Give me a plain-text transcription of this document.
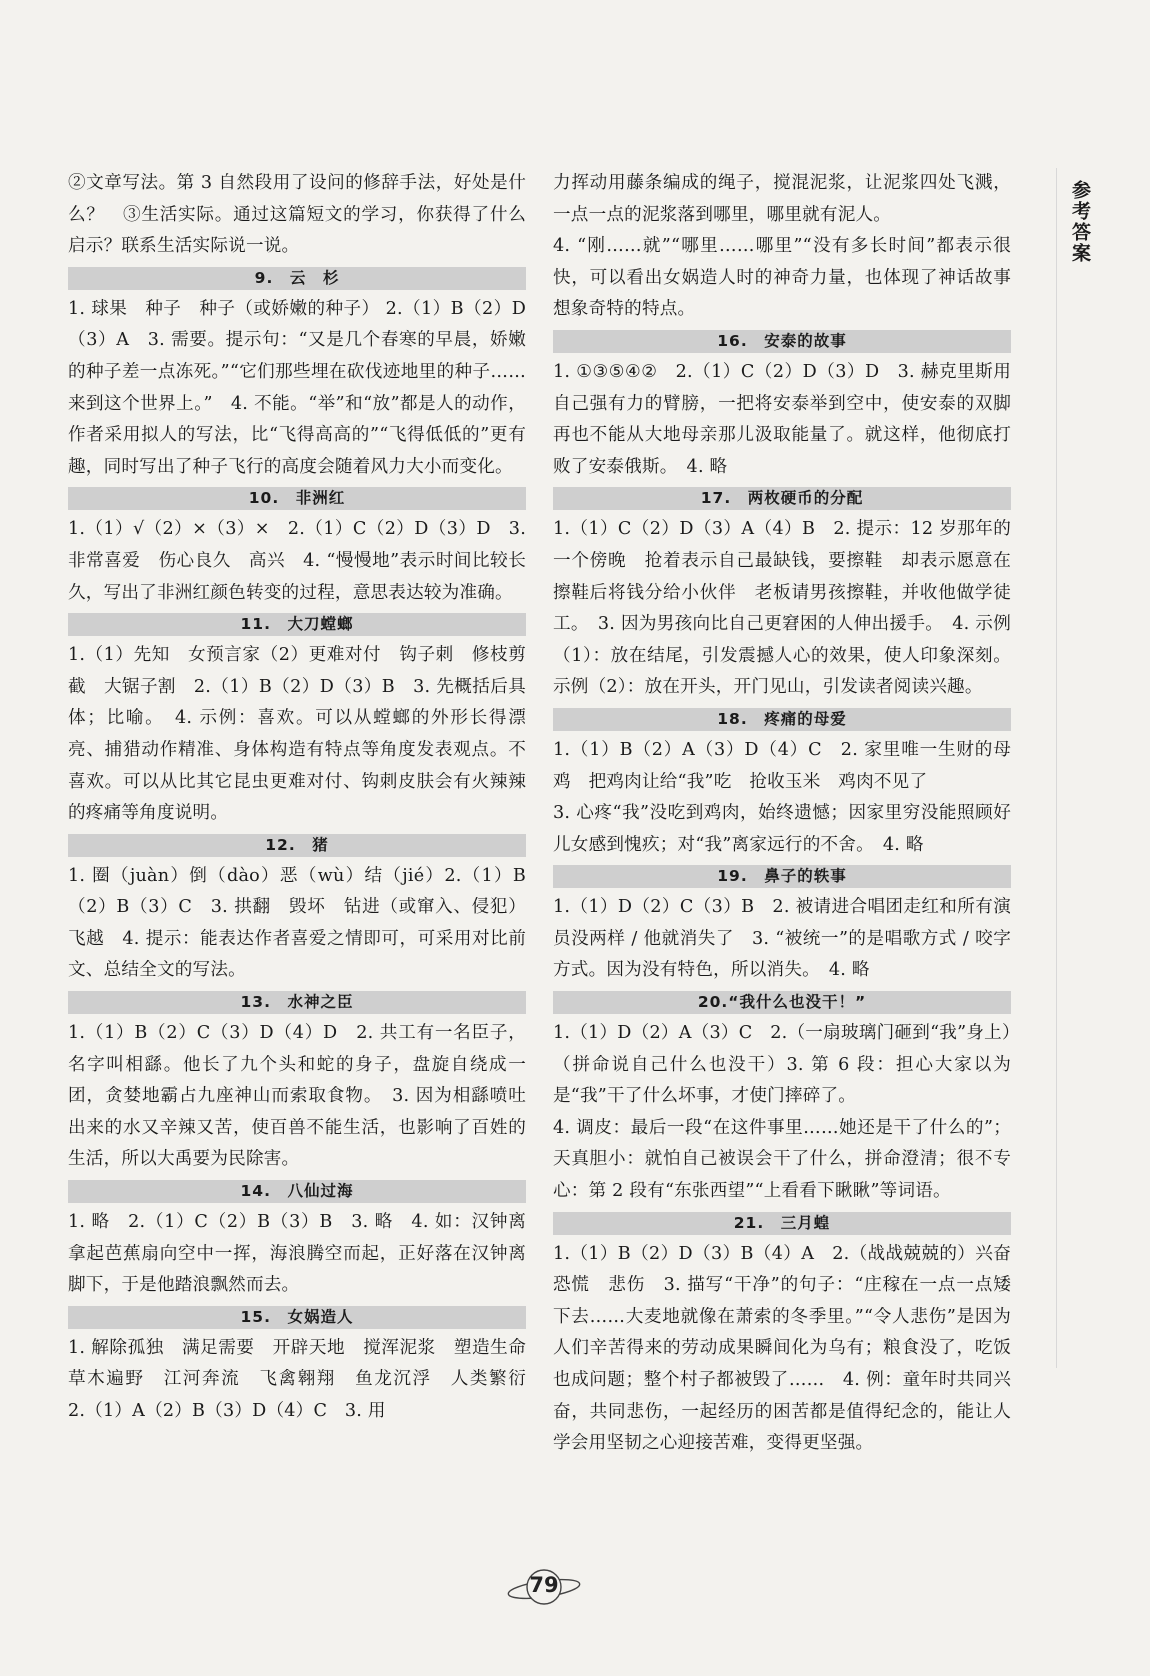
②文章写法。第 3 自然段用了设问的修辞手法，好处是什么？　③生活实际。通过这篇短文的学习，你获得了什么启示？联系生活实际说一说。

9.　云　杉

1. 球果　种子　种子（或娇嫩的种子） 2.（1）B（2）D（3）A　3. 需要。提示句：“又是几个春寒的早晨，娇嫩的种子差一点冻死。”“它们那些埋在砍伐迹地里的种子……来到这个世界上。”　4. 不能。“举”和“放”都是人的动作，作者采用拟人的写法，比“飞得高高的”“飞得低低的”更有趣，同时写出了种子飞行的高度会随着风力大小而变化。

10.　非洲红

1.（1）√（2）×（3）×　2.（1）C（2）D（3）D　3. 非常喜爱　伤心良久　高兴　4. “慢慢地”表示时间比较长久，写出了非洲红颜色转变的过程，意思表达较为准确。

11.　大刀螳螂

1.（1）先知　女预言家（2）更难对付　钩子刺　修枝剪截　大锯子割　2.（1）B（2）D（3）B　3. 先概括后具体；比喻。　4. 示例：喜欢。可以从螳螂的外形长得漂亮、捕猎动作精准、身体构造有特点等角度发表观点。不喜欢。可以从比其它昆虫更难对付、钩刺皮肤会有火辣辣的疼痛等角度说明。

12.　猪

1. 圈（juàn）倒（dào）恶（wù）结（jié）2.（1）B（2）B（3）C　3. 拱翻　毁坏　钻进（或窜入、侵犯）飞越　4. 提示：能表达作者喜爱之情即可，可采用对比前文、总结全文的写法。

13.　水神之臣

1.（1）B（2）C（3）D（4）D　2. 共工有一名臣子，名字叫相繇。他长了九个头和蛇的身子，盘旋自绕成一团，贪婪地霸占九座神山而索取食物。　3. 因为相繇喷吐出来的水又辛辣又苦，使百兽不能生活，也影响了百姓的生活，所以大禹要为民除害。

14.　八仙过海

1. 略　2.（1）C（2）B（3）B　3. 略　4. 如：汉钟离拿起芭蕉扇向空中一挥，海浪腾空而起，正好落在汉钟离脚下，于是他踏浪飘然而去。

15.　女娲造人

1. 解除孤独　满足需要　开辟天地　搅浑泥浆　塑造生命　草木遍野　江河奔流　飞禽翱翔　鱼龙沉浮　人类繁衍　2.（1）A（2）B（3）D（4）C　3. 用

力挥动用藤条编成的绳子，搅混泥浆，让泥浆四处飞溅，一点一点的泥浆落到哪里，哪里就有泥人。

4. “刚……就”“哪里……哪里”“没有多长时间”都表示很快，可以看出女娲造人时的神奇力量，也体现了神话故事想象奇特的特点。

16.　安泰的故事

1. ①③⑤④②　2.（1）C（2）D（3）D　3. 赫克里斯用自己强有力的臂膀，一把将安泰举到空中，使安泰的双脚再也不能从大地母亲那儿汲取能量了。就这样，他彻底打败了安泰俄斯。　4. 略

17.　两枚硬币的分配

1.（1）C（2）D（3）A（4）B　2. 提示：12 岁那年的一个傍晚　抢着表示自己最缺钱，要擦鞋　却表示愿意在擦鞋后将钱分给小伙伴　老板请男孩擦鞋，并收他做学徒工。　3. 因为男孩向比自己更窘困的人伸出援手。　4. 示例（1）：放在结尾，引发震撼人心的效果，使人印象深刻。示例（2）：放在开头，开门见山，引发读者阅读兴趣。

18.　疼痛的母爱

1.（1）B（2）A（3）D（4）C　2. 家里唯一生财的母鸡　把鸡肉让给“我”吃　抢收玉米　鸡肉不见了

3. 心疼“我”没吃到鸡肉，始终遗憾；因家里穷没能照顾好儿女感到愧疚；对“我”离家远行的不舍。　4. 略

19.　鼻子的轶事

1.（1）D（2）C（3）B　2. 被请进合唱团走红和所有演员没两样 / 他就消失了　3. “被统一”的是唱歌方式 / 咬字方式。因为没有特色，所以消失。　4. 略

20.“我什么也没干！”

1.（1）D（2）A（3）C　2.（一扇玻璃门砸到“我”身上）（拼命说自己什么也没干）3. 第 6 段：担心大家以为是“我”干了什么坏事，才使门摔碎了。

4. 调皮：最后一段“在这件事里……她还是干了什么的”；天真胆小：就怕自己被误会干了什么，拼命澄清；很不专心：第 2 段有“东张西望”“上看看下瞅瞅”等词语。

21.　三月蝗

1.（1）B（2）D（3）B（4）A　2.（战战兢兢的）兴奋　恐慌　悲伤　3. 描写“干净”的句子：“庄稼在一点一点矮下去……大麦地就像在萧索的冬季里。”“令人悲伤”是因为人们辛苦得来的劳动成果瞬间化为乌有；粮食没了，吃饭也成问题；整个村子都被毁了……　4. 例：童年时共同兴奋，共同悲伤，一起经历的困苦都是值得纪念的，能让人学会用坚韧之心迎接苦难，变得更坚强。

参考答案
79
